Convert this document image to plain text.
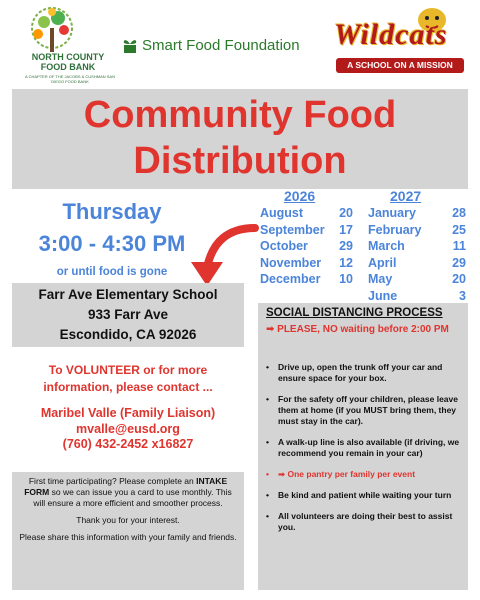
NORTH COUNTY FOOD BANK
A CHAPTER OF THE JACOBS & CUSHMAN SAN DIEGO FOOD BANK
Smart Food Foundation Wildcats
A SCHOOL ON A MISSION
Community Food
Distribution
Thursday
3:00 - 4:30 PM
or until food is gone
2026	2027
August	20
September 17
October 29
November 12
December 10
January	28
February 25
March	11
April	29
May	20
June	3
Farr Ave Elementary School
933 Farr Ave
Escondido, CA 92026
To VOLUNTEER or for more
information, please contact ...
Maribel Valle (Family Liaison)
mvalle@eusd.org
(760) 432-2452 x16827

First time participating? Please complete an INTAKE FORM so we can issue you a card to use monthly. This will ensure a more efficient and smoother process.

Thank you for your interest.

Please share this information with your family and friends.

SOCIAL DISTANCING PROCESS
➡ PLEASE, NO waiting before 2:00 PM
•	Drive up, open the trunk off your car and ensure space for your box.
•	For the safety off your children, please leave them at home (if you MUST bring them, they must stay in the car).
•	A walk-up line is also available (if driving, we recommend you remain in your car)
•	➡ One pantry per family per event
•	Be kind and patient while waiting your turn
•	All volunteers are doing their best to assist you.
